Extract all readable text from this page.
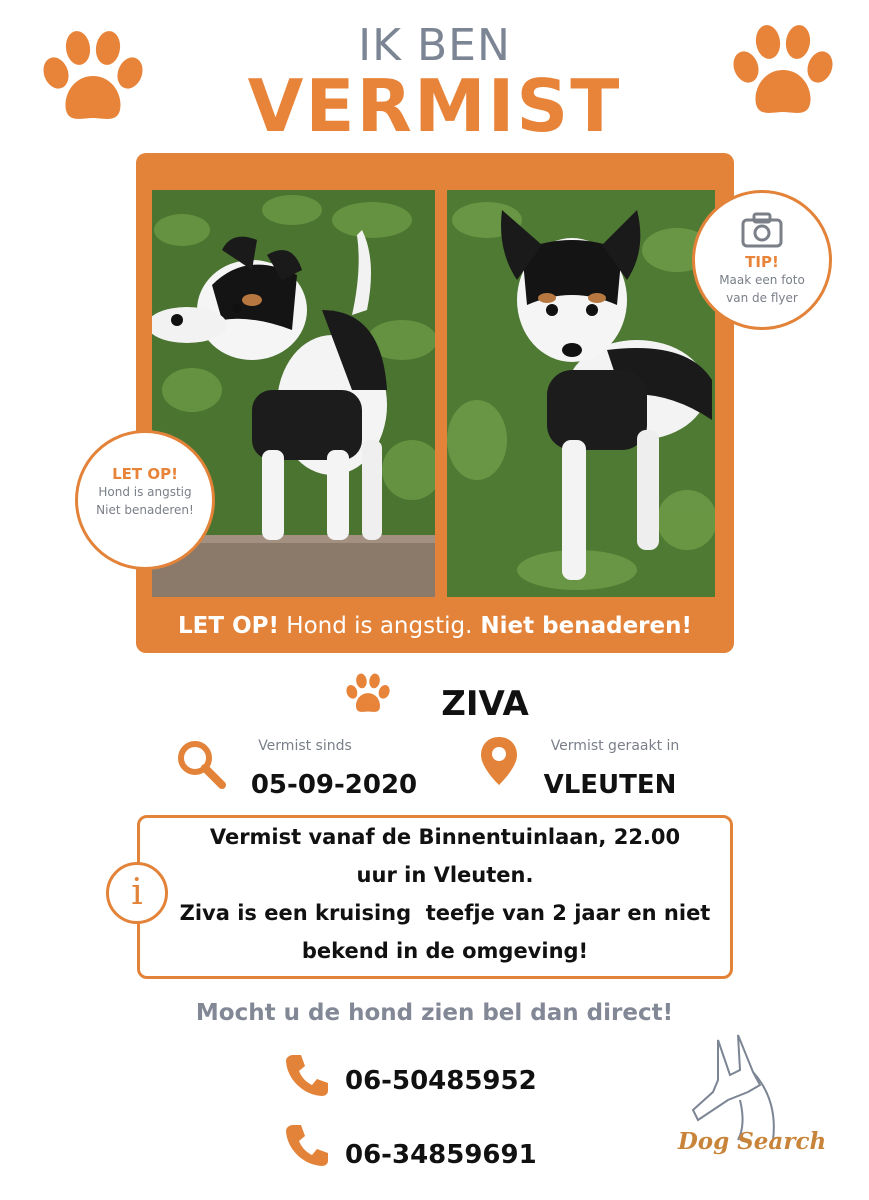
IK BEN
VERMIST
LET OP! Hond is angstig. Niet benaderen!
TIP!
Maak een foto
van de flyer
LET OP!
Hond is angstig
Niet benaderen!
ZIVA
Vermist sinds
05-09-2020
Vermist geraakt in
VLEUTEN
i
Vermist vanaf de Binnentuinlaan, 22.00
uur in Vleuten.
Ziva is een kruising  teefje van 2 jaar en niet
bekend in de omgeving!
Mocht u de hond zien bel dan direct!
06-50485952
06-34859691	Dog Search
